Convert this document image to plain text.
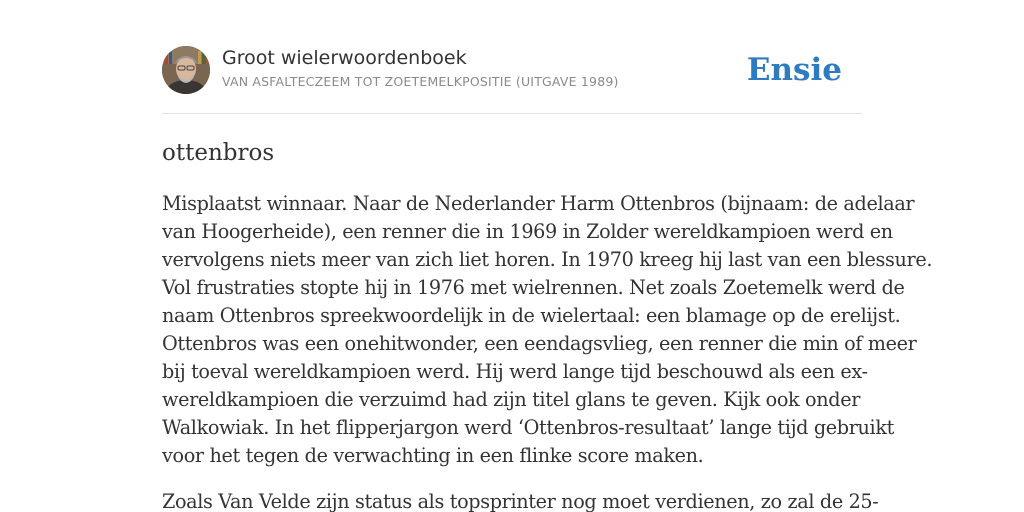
Groot wielerwoordenboek
VAN ASFALTECZEEM TOT ZOETEMELKPOSITIE (UITGAVE 1989)	Ensie
ottenbros

Misplaatst winnaar. Naar de Nederlander Harm Ottenbros (bijnaam: de adelaar
van Hoogerheide), een renner die in 1969 in Zolder wereldkampioen werd en
vervolgens niets meer van zich liet horen. In 1970 kreeg hij last van een blessure.
Vol frustraties stopte hij in 1976 met wielrennen. Net zoals Zoetemelk werd de
naam Ottenbros spreekwoordelijk in de wielertaal: een blamage op de erelijst.
Ottenbros was een onehitwonder, een eendagsvlieg, een renner die min of meer
bij toeval wereldkampioen werd. Hij werd lange tijd beschouwd als een ex-
wereldkampioen die verzuimd had zijn titel glans te geven. Kijk ook onder
Walkowiak. In het flipperjargon werd ‘Ottenbros-resultaat’ lange tijd gebruikt
voor het tegen de verwachting in een flinke score maken.

Zoals Van Velde zijn status als topsprinter nog moet verdienen, zo zal de 25-
